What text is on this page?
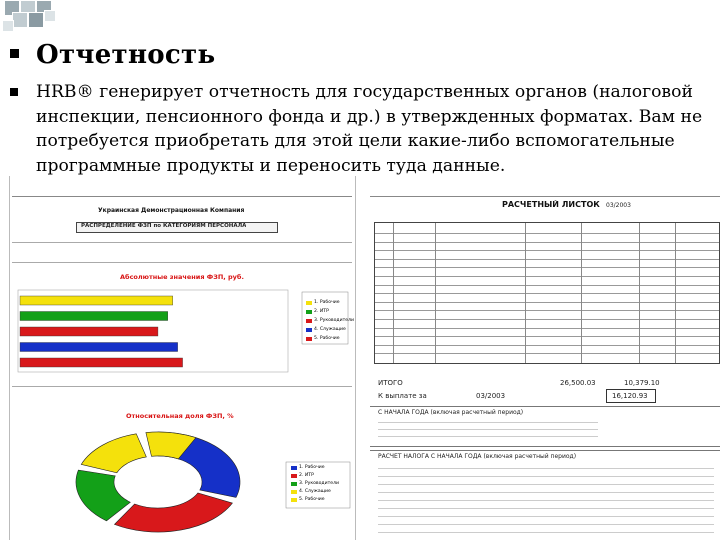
Отчетность
HRB® генерирует отчетность для государственных органов (налоговой инспекции, пенсионного фонда и др.) в утвержденных форматах. Вам не потребуется приобретать для этой цели какие-либо вспомогательные программные продукты и переносить туда данные.
Украинская Демонстрационная Компания
РАСПРЕДЕЛЕНИЕ ФЗП по КАТЕГОРИЯМ ПЕРСОНАЛА
Абсолютные значения ФЗП, руб.
1. Рабочие
2. ИТР
3. Руководители
4. Служащие
5. Рабочие
Относительная доля ФЗП, %
1. Рабочие
2. ИТР
3. Руководители
4. Служащие
5. Рабочие
РАСЧЕТНЫЙ ЛИСТОК 03/2003
ИТОГО	26,500.03	10,379.10
К выплате за	03/2003	16,120.93
С НАЧАЛА ГОДА (включая расчетный период)
РАСЧЕТ НАЛОГА С НАЧАЛА ГОДА (включая расчетный период)
